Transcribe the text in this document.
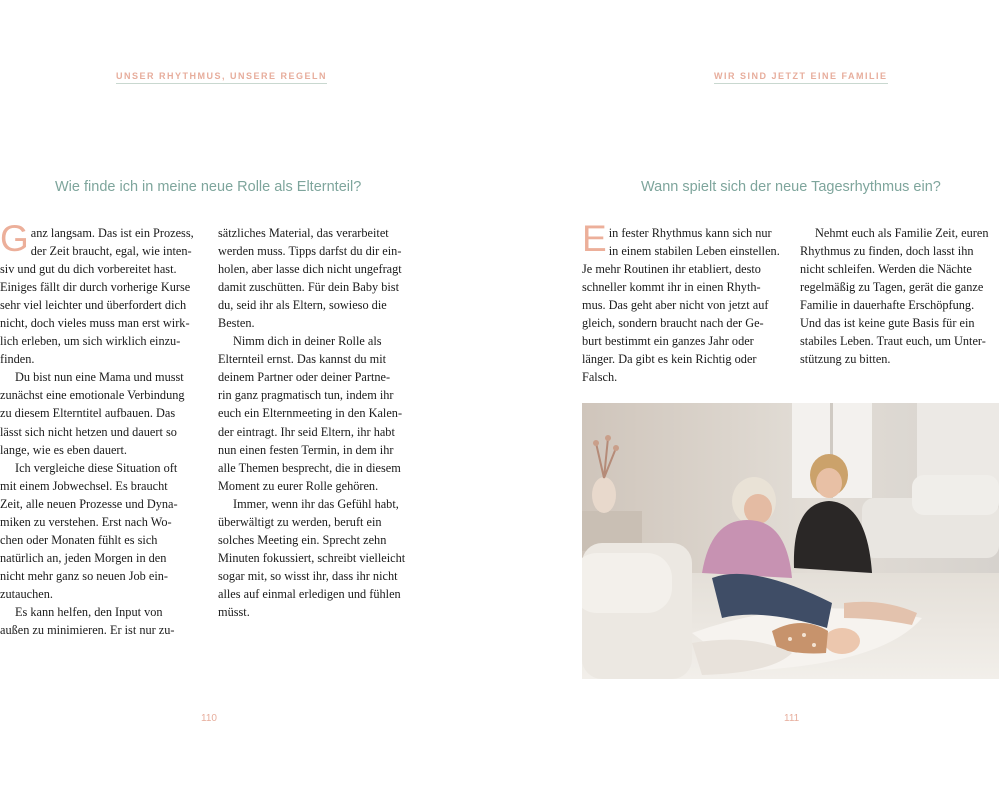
UNSER RHYTHMUS, UNSERE REGELN
Wie finde ich in meine neue Rolle als Elternteil?
G anz langsam. Das ist ein Prozess,
der Zeit braucht, egal, wie inten-
siv und gut du dich vorbereitet hast.
Einiges fällt dir durch vorherige Kurse
sehr viel leichter und überfordert dich
nicht, doch vieles muss man erst wirk-
lich erleben, um sich wirklich einzu-
finden.

Du bist nun eine Mama und musst
zunächst eine emotionale Verbindung
zu diesem Elterntitel aufbauen. Das
lässt sich nicht hetzen und dauert so
lange, wie es eben dauert.

Ich vergleiche diese Situation oft
mit einem Jobwechsel. Es braucht
Zeit, alle neuen Prozesse und Dyna-
miken zu verstehen. Erst nach Wo-
chen oder Monaten fühlt es sich
natürlich an, jeden Morgen in den
nicht mehr ganz so neuen Job ein-
zutauchen.

Es kann helfen, den Input von
außen zu minimieren. Er ist nur zu-

sätzliches Material, das verarbeitet
werden muss. Tipps darfst du dir ein-
holen, aber lasse dich nicht ungefragt
damit zuschütten. Für dein Baby bist
du, seid ihr als Eltern, sowieso die
Besten.

Nimm dich in deiner Rolle als
Elternteil ernst. Das kannst du mit
deinem Partner oder deiner Partne-
rin ganz pragmatisch tun, indem ihr
euch ein Elternmeeting in den Kalen-
der eintragt. Ihr seid Eltern, ihr habt
nun einen festen Termin, in dem ihr
alle Themen besprecht, die in diesem
Moment zu eurer Rolle gehören.

Immer, wenn ihr das Gefühl habt,
überwältigt zu werden, beruft ein
solches Meeting ein. Sprecht zehn
Minuten fokussiert, schreibt vielleicht
sogar mit, so wisst ihr, dass ihr nicht
alles auf einmal erledigen und fühlen
müsst.

110
WIR SIND JETZT EINE FAMILIE
Wann spielt sich der neue Tagesrhythmus ein?
E in fester Rhythmus kann sich nur
in einem stabilen Leben einstellen.
Je mehr Routinen ihr etabliert, desto
schneller kommt ihr in einen Rhyth-
mus. Das geht aber nicht von jetzt auf
gleich, sondern braucht nach der Ge-
burt bestimmt ein ganzes Jahr oder
länger. Da gibt es kein Richtig oder
Falsch.

Nehmt euch als Familie Zeit, euren
Rhythmus zu finden, doch lasst ihn
nicht schleifen. Werden die Nächte
regelmäßig zu Tagen, gerät die ganze
Familie in dauerhafte Erschöpfung.
Und das ist keine gute Basis für ein
stabiles Leben. Traut euch, um Unter-
stützung zu bitten.

111
